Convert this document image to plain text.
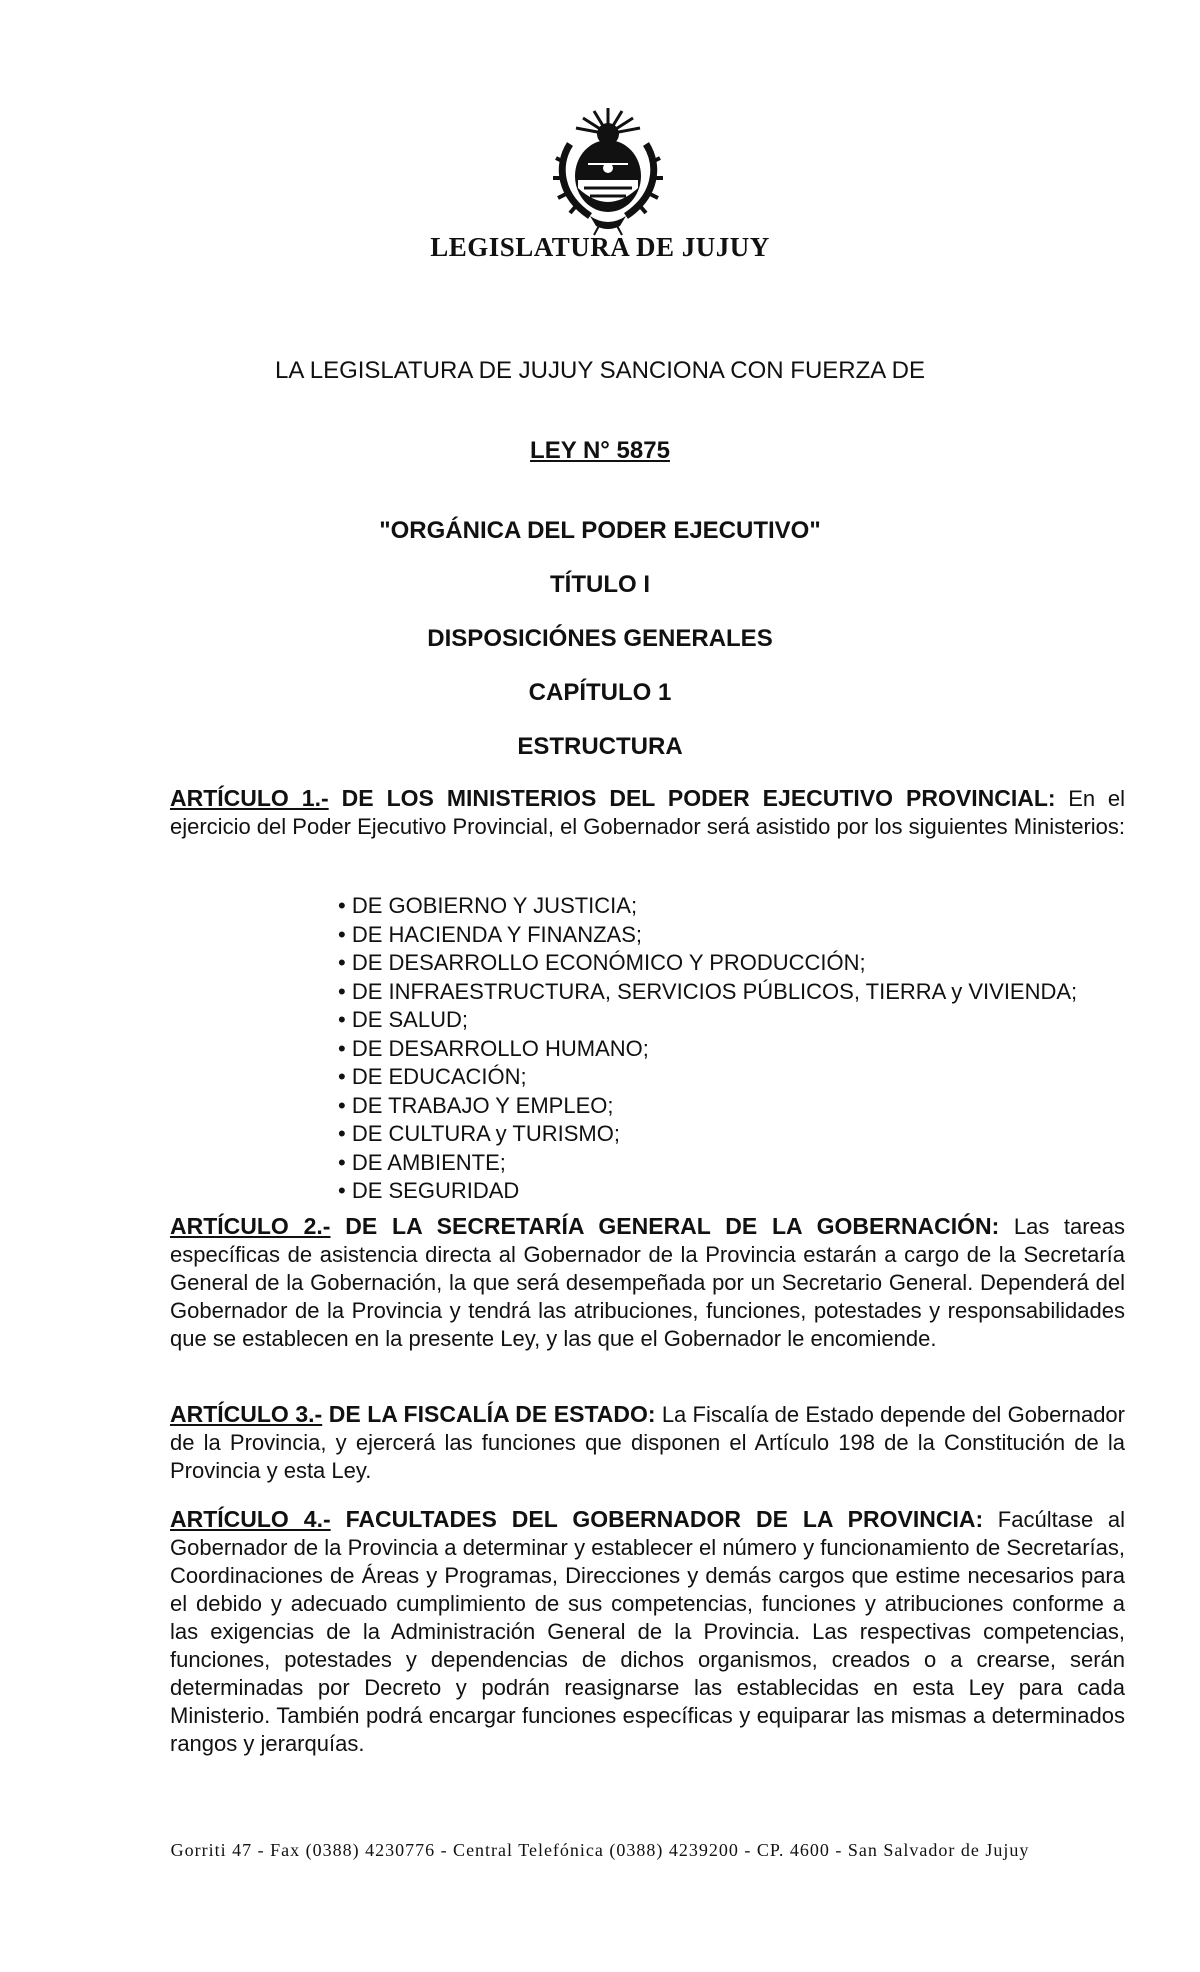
LEGISLATURA DE JUJUY
LA LEGISLATURA DE JUJUY SANCIONA CON FUERZA DE
LEY N° 5875
"ORGÁNICA DEL PODER EJECUTIVO"
TÍTULO I
DISPOSICIÓNES GENERALES
CAPÍTULO 1
ESTRUCTURA

ARTÍCULO 1.- DE LOS MINISTERIOS DEL PODER EJECUTIVO PROVINCIAL: En el ejercicio del Poder Ejecutivo Provincial, el Gobernador será asistido por los siguientes Ministerios:

• DE GOBIERNO Y JUSTICIA;
• DE HACIENDA Y FINANZAS;
• DE DESARROLLO ECONÓMICO Y PRODUCCIÓN;
• DE INFRAESTRUCTURA, SERVICIOS PÚBLICOS, TIERRA y VIVIENDA;
• DE SALUD;
• DE DESARROLLO HUMANO;
• DE EDUCACIÓN;
• DE TRABAJO Y EMPLEO;
• DE CULTURA y TURISMO;
• DE AMBIENTE;
• DE SEGURIDAD

ARTÍCULO 2.- DE LA SECRETARÍA GENERAL DE LA GOBERNACIÓN: Las tareas específicas de asistencia directa al Gobernador de la Provincia estarán a cargo de la Secretaría General de la Gobernación, la que será desempeñada por un Secretario General. Dependerá del Gobernador de la Provincia y tendrá las atribuciones, funciones, potestades y responsabilidades que se establecen en la presente Ley, y las que el Gobernador le encomiende.

ARTÍCULO 3.- DE LA FISCALÍA DE ESTADO: La Fiscalía de Estado depende del Gobernador de la Provincia, y ejercerá las funciones que disponen el Artículo 198 de la Constitución de la Provincia y esta Ley.

ARTÍCULO 4.- FACULTADES DEL GOBERNADOR DE LA PROVINCIA: Facúltase al Gobernador de la Provincia a determinar y establecer el número y funcionamiento de Secretarías, Coordinaciones de Áreas y Programas, Direcciones y demás cargos que estime necesarios para el debido y adecuado cumplimiento de sus competencias, funciones y atribuciones conforme a las exigencias de la Administración General de la Provincia. Las respectivas competencias, funciones, potestades y dependencias de dichos organismos, creados o a crearse, serán determinadas por Decreto y podrán reasignarse las establecidas en esta Ley para cada Ministerio. También podrá encargar funciones específicas y equiparar las mismas a determinados rangos y jerarquías.

Gorriti 47 - Fax (0388) 4230776 - Central Telefónica (0388) 4239200 - CP. 4600 - San Salvador de Jujuy
